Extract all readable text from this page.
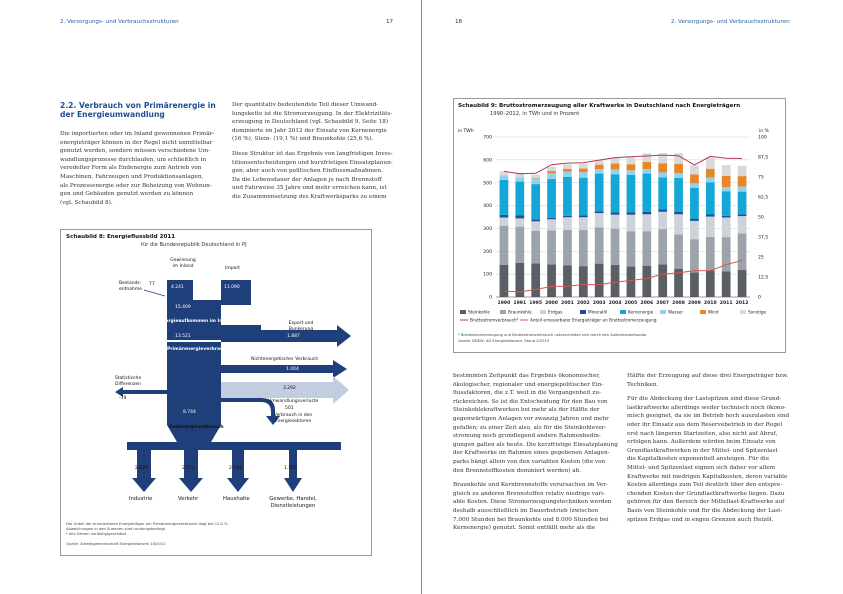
2. Versorgungs- und Verbrauchsstrukturen	17
2.2. Verbrauch von Primärenergie in der Energieumwandlung
Die importierten oder im Inland gewonnenen Primär-
energieträger können in der Regel nicht unmittelbar
genutzt werden, sondern müssen verschiedene Um-
wandlungsprozesse durchlaufen, um schließlich in
veredelter Form als Endenergie zum Antrieb von
Maschinen, Fahrzeugen und Produktionsanlagen,
als Prozessenergie oder zur Beheizung von Wohnun-
gen und Gebäuden genutzt werden zu können
(vgl. Schaubild 8).
Der quantitativ bedeutendste Teil dieser Umwand-
lungskette ist die Stromerzeugung. In der Elektrizitäts-
erzeugung in Deutschland (vgl. Schaubild 9, Seite 18)
dominierte im Jahr 2012 der Einsatz von Kernenergie
(16 %), Stein- (19,1 %) und Braunkohle (25,6 %).
Diese Struktur ist das Ergebnis von langfristigen Inves-
titionsentscheidungen und kurzfristigen Einsatzplanun-
gen, aber auch von politischen Einflussmaßnahmen.
Da die Lebensdauer der Anlagen je nach Brennstoff
und Fahrweise 35 Jahre und mehr erreichen kann, ist
die Zusammensetzung des Kraftwerksparks zu einem
Schaubild 8: Energieflussbild 2011
für die Bundesrepublik Deutschland in PJ
Gewinnung im Inland
4.241
Import
11.090
Bestands-entnahme
77
15.409
Energieaufkommen im Inland	Export und Bunkerung
1.887
13.521
Primärenergieverbrauch *
Nichtenergetischer Verbrauch
1.004
Statistische Differenzen
-19
3.292
Umwandlungsverluste
501
Verbrauch in den Energiesektoren
8.744
Endenergieverbrauch
2.624	2.572	2.194	1.355
Industrie	Verkehr	Haushalte	Gewerbe, Handel, Dienstleistungen
Der Anteil der erneuerbaren Energieträger am Primärenergieverbrauch liegt bei 11,0 %.
Abweichungen in den Summen sind rundungsbedingt.
* alle Zahlen vorläufig/geschätzt
Quelle: Arbeitsgemeinschaft Energiebilanzen 10/2012
18	2. Versorgungs- und Verbrauchsstrukturen
Schaubild 9: Bruttostromerzeugung aller Kraftwerke in Deutschland nach Energieträgern
1990–2012, in TWh und in Prozent
in TWh	in %
0
100
200
300
400
500
600
700
0
12,5
25
37,5
50
62,5
75
87,5
100
1990 1991 1995 2000 2001 2002 2003 2004 2005 2006 2007 2008 2009 2010 2011 2012
Steinkohle	Braunkohle	Erdgas	Mineralöl	Kernenergie	Wasser	Wind	Sonstige
Bruttostromverbrauch*	Anteil erneuerbarer Energieträger an Bruttostromerzeugung
* Bruttostromerzeugung und Bruttostromverbrauch unterscheiden sich durch den Außenhandelssaldo
Quelle: BDEW, AG Energiebilanzen, Stand 2/2013
bestimmten Zeitpunkt das Ergebnis ökonomischer,
ökologischer, regionaler und energiepolitischer Ein-
flussfaktoren, die z.T. weit in die Vergangenheit zu-
rückreichen. So ist die Entscheidung für den Bau von
Steinkohlekraftwerken bei mehr als der Hälfte der
gegenwärtigen Anlagen vor zwanzig Jahren und mehr
gefallen; zu einer Zeit also, als für die Steinkohlever-
stromung noch grundlegend andere Rahmenbedin-
gungen galten als heute. Die kurzfristige Einsatzplanung
der Kraftwerke im Rahmen eines gegebenen Anlagen-
parks hängt allein von den variablen Kosten (die von
den Brennstoffkosten dominiert werden) ab.
Braunkohle und Kernbrennstoffe verursachen im Ver-
gleich zu anderen Brennstoffen relativ niedrige vari-
able Kosten. Diese Stromerzeugungstechniken werden
deshalb ausschließlich im Dauerbetrieb (zwischen
7.000 Stunden bei Braunkohle und 8.000 Stunden bei
Kernenergie) genutzt. Somit entfällt mehr als die
Hälfte der Erzeugung auf diese drei Energieträger bzw.
Techniken.
Für die Abdeckung der Lastspitzen sind diese Grund-
lastkraftwerke allerdings weder technisch noch ökono-
misch geeignet, da sie im Betrieb hoch auszulasten sind
oder ihr Einsatz aus dem Reservebetrieb in der Regel
erst nach längeren Startzeiten, also nicht auf Abruf,
erfolgen kann. Außerdem würden beim Einsatz von
Grundlastkraftwerken in der Mittel- und Spitzenlast
die Kapitalkosten exponentiell ansteigen. Für die
Mittel- und Spitzenlast eignen sich daher vor allem
Kraftwerke mit niedrigen Kapitalkosten, deren variable
Kosten allerdings zum Teil deutlich über den entspre-
chenden Kosten der Grundlastkraftwerke liegen. Dazu
gehören für den Bereich der Mittellast-Kraftwerke auf
Basis von Steinkohle und für die Abdeckung der Last-
spitzen Erdgas und in engen Grenzen auch Heizöl.
